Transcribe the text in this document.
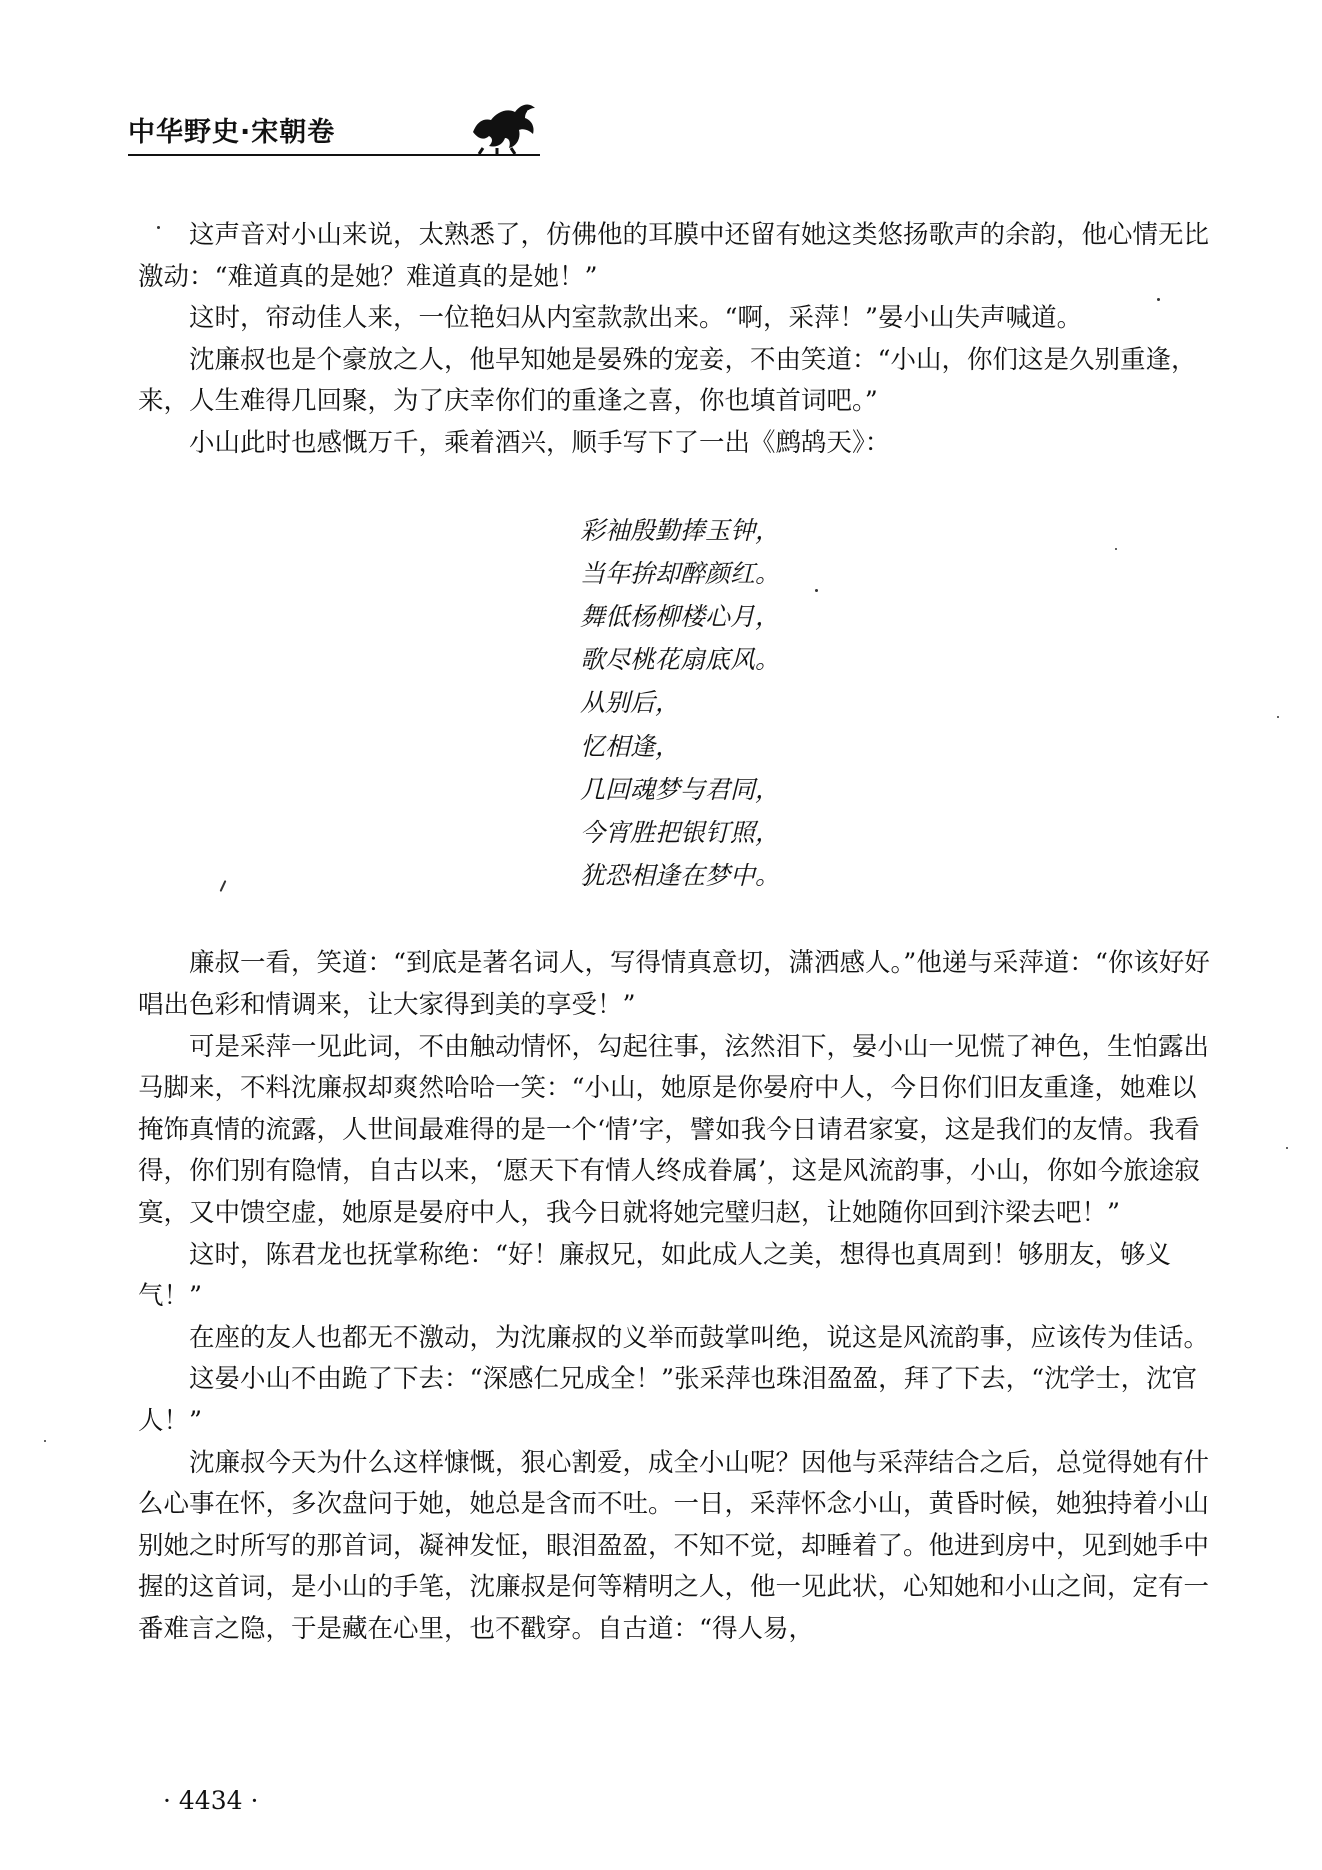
中华野史·宋朝卷

这声音对小山来说，太熟悉了，仿佛他的耳膜中还留有她这类悠扬歌声的余韵，他心情无比激动：“难道真的是她？难道真的是她！”

这时，帘动佳人来，一位艳妇从内室款款出来。“啊，采萍！”晏小山失声喊道。

沈廉叔也是个豪放之人，他早知她是晏殊的宠妾，不由笑道：“小山，你们这是久别重逢，来，人生难得几回聚，为了庆幸你们的重逢之喜，你也填首词吧。”

小山此时也感慨万千，乘着酒兴，顺手写下了一出《鹧鸪天》：

彩袖殷勤捧玉钟，
当年拚却醉颜红。
舞低杨柳楼心月，
歌尽桃花扇底风。
从别后，
忆相逢，
几回魂梦与君同，
今宵胜把银钉照，
犹恐相逢在梦中。

廉叔一看，笑道：“到底是著名词人，写得情真意切，潇洒感人。”他递与采萍道：“你该好好唱出色彩和情调来，让大家得到美的享受！”

可是采萍一见此词，不由触动情怀，勾起往事，泫然泪下，晏小山一见慌了神色，生怕露出马脚来，不料沈廉叔却爽然哈哈一笑：“小山，她原是你晏府中人，今日你们旧友重逢，她难以掩饰真情的流露，人世间最难得的是一个‘情’字，譬如我今日请君家宴，这是我们的友情。我看得，你们别有隐情，自古以来，‘愿天下有情人终成眷属’，这是风流韵事，小山，你如今旅途寂寞，又中馈空虚，她原是晏府中人，我今日就将她完璧归赵，让她随你回到汴梁去吧！”

这时，陈君龙也抚掌称绝：“好！廉叔兄，如此成人之美，想得也真周到！够朋友，够义气！”

在座的友人也都无不激动，为沈廉叔的义举而鼓掌叫绝，说这是风流韵事，应该传为佳话。

这晏小山不由跪了下去：“深感仁兄成全！”张采萍也珠泪盈盈，拜了下去，“沈学士，沈官人！”

沈廉叔今天为什么这样慷慨，狠心割爱，成全小山呢？因他与采萍结合之后，总觉得她有什么心事在怀，多次盘问于她，她总是含而不吐。一日，采萍怀念小山，黄昏时候，她独持着小山别她之时所写的那首词，凝神发怔，眼泪盈盈，不知不觉，却睡着了。他进到房中，见到她手中握的这首词，是小山的手笔，沈廉叔是何等精明之人，他一见此状，心知她和小山之间，定有一番难言之隐，于是藏在心里，也不戳穿。自古道：“得人易，

· 4434 ·
